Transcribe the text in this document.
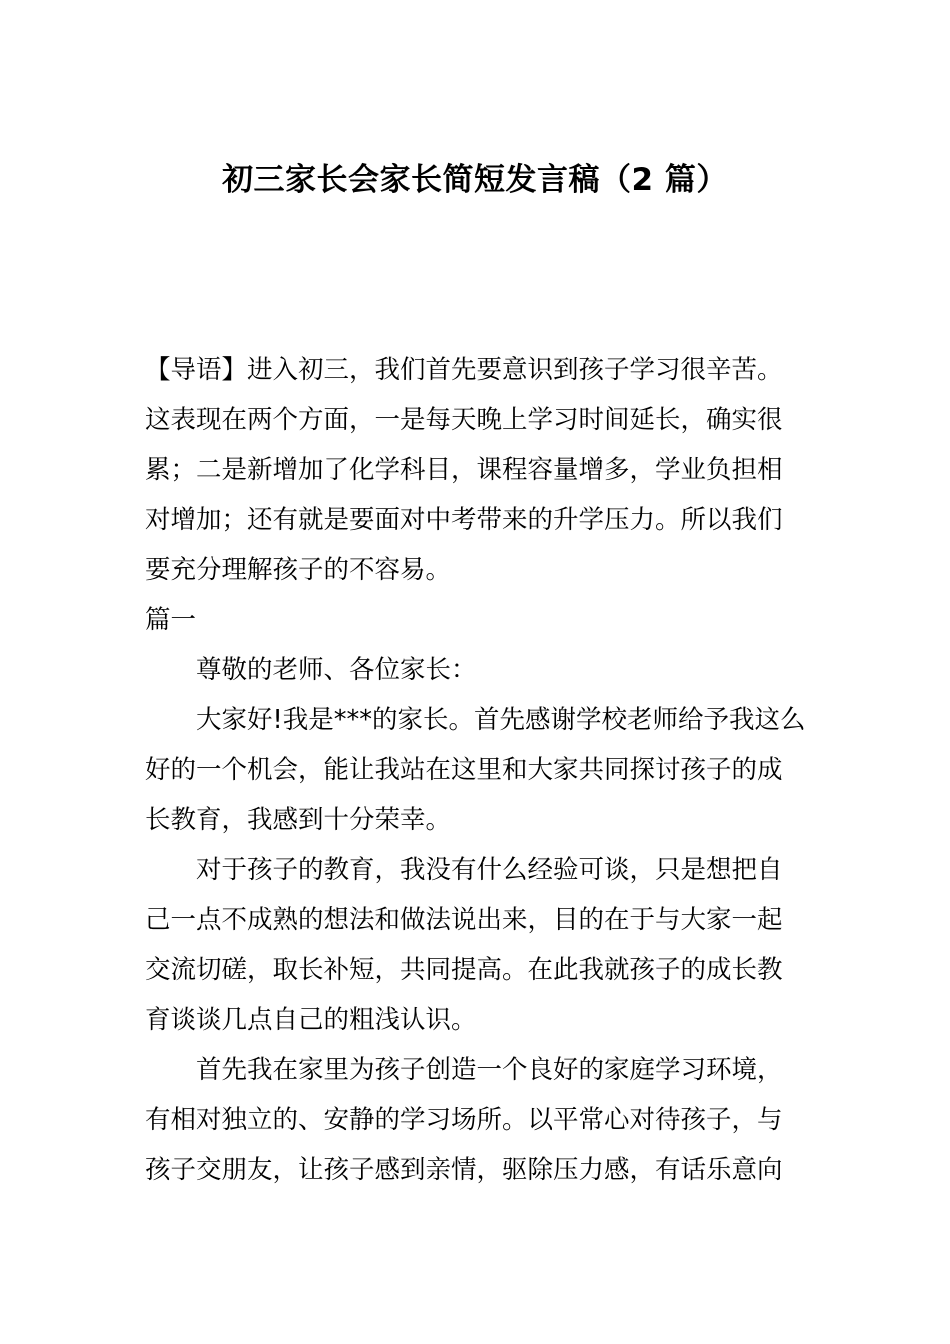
初三家长会家长简短发言稿（2 篇）
【导语】进入初三，我们首先要意识到孩子学习很辛苦。
这表现在两个方面，一是每天晚上学习时间延长，确实很
累；二是新增加了化学科目，课程容量增多，学业负担相
对增加；还有就是要面对中考带来的升学压力。所以我们
要充分理解孩子的不容易。
篇一
尊敬的老师、各位家长：
大家好!我是***的家长。首先感谢学校老师给予我这么
好的一个机会，能让我站在这里和大家共同探讨孩子的成
长教育，我感到十分荣幸。
对于孩子的教育，我没有什么经验可谈，只是想把自
己一点不成熟的想法和做法说出来，目的在于与大家一起
交流切磋，取长补短，共同提高。在此我就孩子的成长教
育谈谈几点自己的粗浅认识。
首先我在家里为孩子创造一个良好的家庭学习环境，
有相对独立的、安静的学习场所。以平常心对待孩子，与
孩子交朋友，让孩子感到亲情，驱除压力感，有话乐意向
